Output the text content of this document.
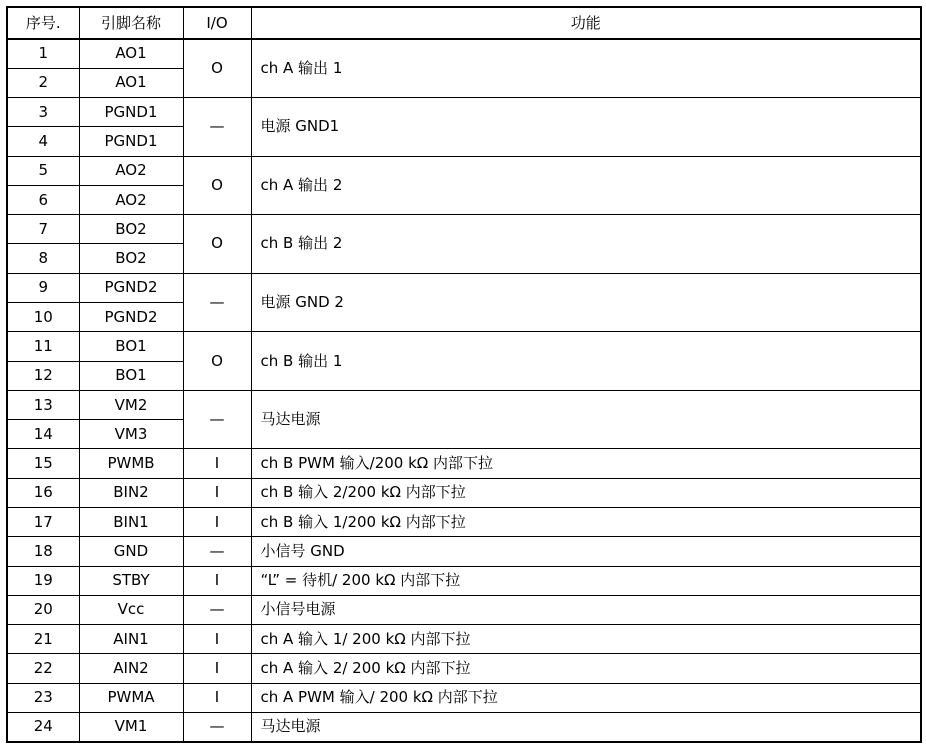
序号.	引脚名称	I/O	功能
1	AO1	O	ch A 输出 1
2	AO1		
3	PGND1	—	电源 GND1
4	PGND1		
5	AO2	O	ch A 输出 2
6	AO2		
7	BO2	O	ch B 输出 2
8	BO2		
9	PGND2	—	电源 GND 2
10	PGND2		
11	BO1	O	ch B 输出 1
12	BO1		
13	VM2	—	马达电源
14	VM3		
15	PWMB	I	ch B PWM 输入/200 kΩ 内部下拉
16	BIN2	I	ch B 输入 2/200 kΩ 内部下拉
17	BIN1	I	ch B 输入 1/200 kΩ 内部下拉
18	GND	—	小信号 GND
19	STBY	I	“L” = 待机/ 200 kΩ 内部下拉
20	Vcc	—	小信号电源
21	AIN1	I	ch A 输入 1/ 200 kΩ 内部下拉
22	AIN2	I	ch A 输入 2/ 200 kΩ 内部下拉
23	PWMA	I	ch A PWM 输入/ 200 kΩ 内部下拉
24	VM1	—	马达电源
